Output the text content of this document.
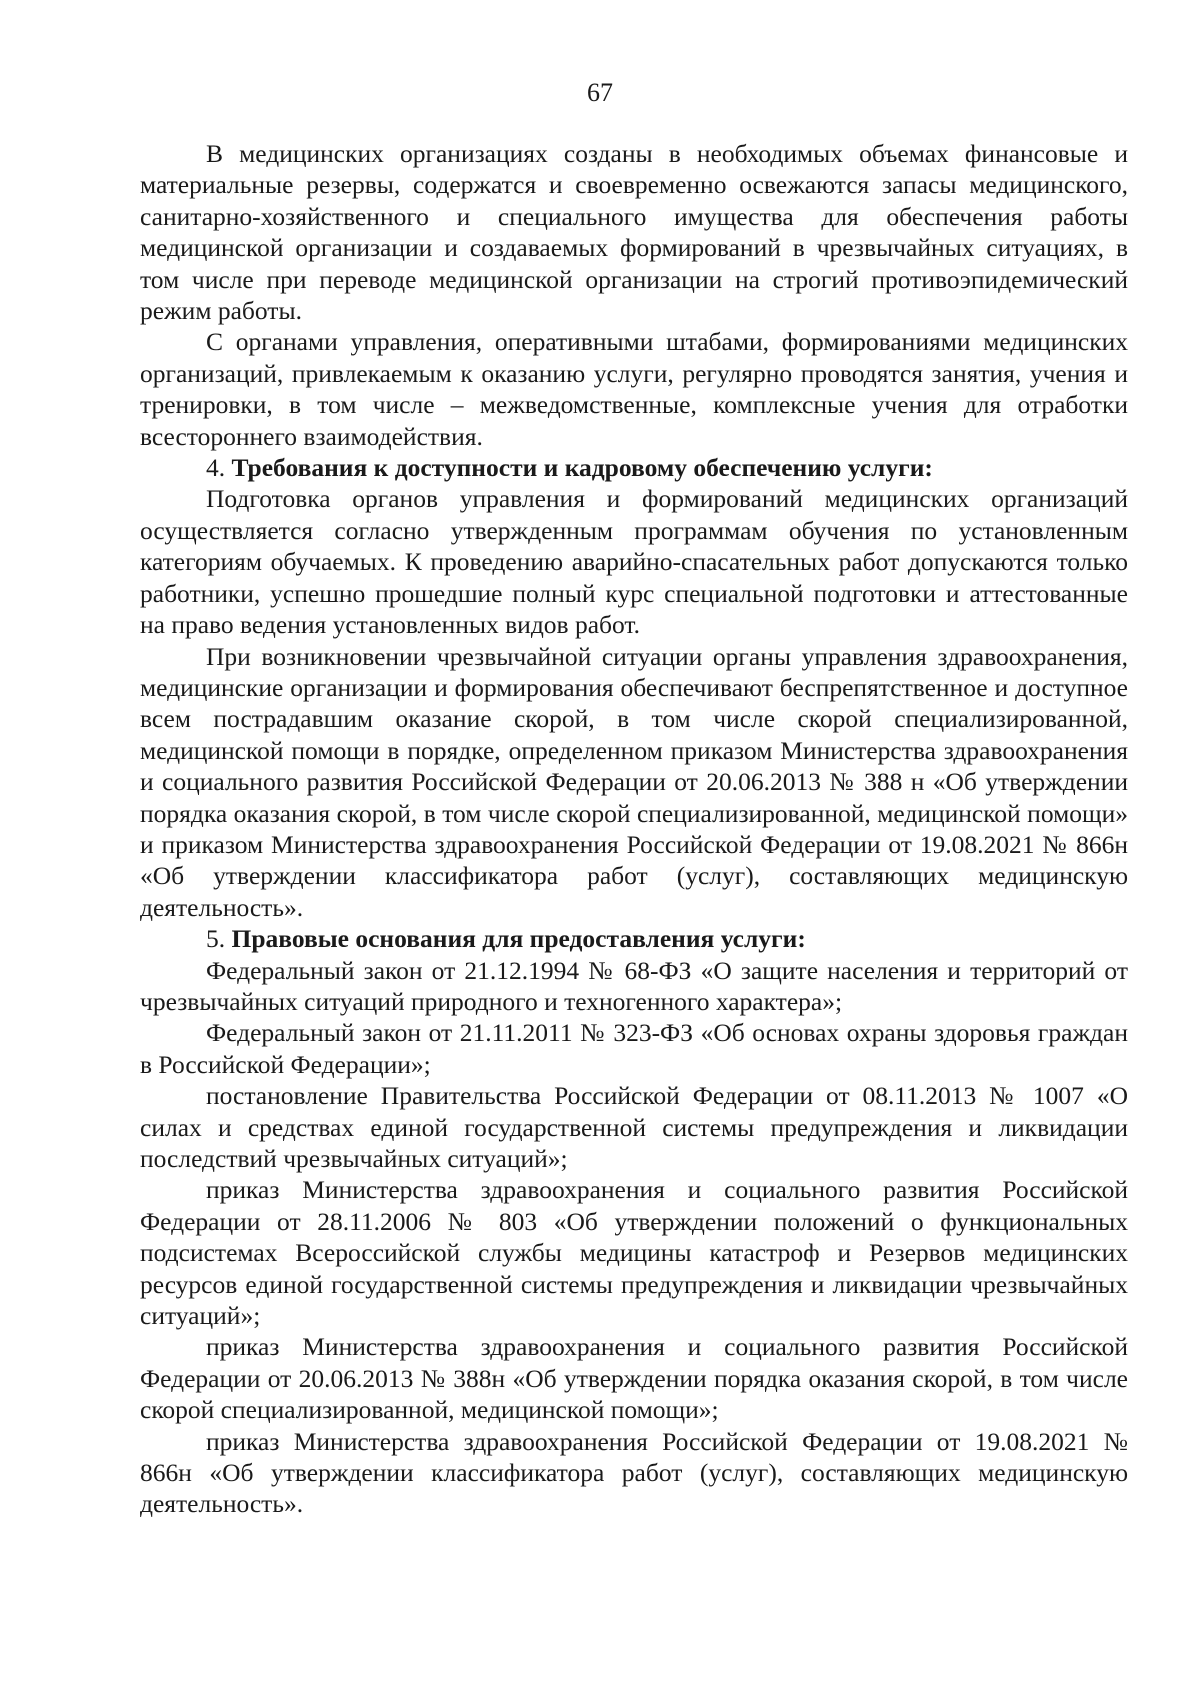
67

В медицинских организациях созданы в необходимых объемах финансовые и материальные резервы, содержатся и своевременно освежаются запасы медицинского, санитарно-хозяйственного и специального имущества для обеспечения работы медицинской организации и создаваемых формирований в чрезвычайных ситуациях, в том числе при переводе медицинской организации на строгий противоэпидемический режим работы.

С органами управления, оперативными штабами, формированиями медицинских организаций, привлекаемым к оказанию услуги, регулярно проводятся занятия, учения и тренировки, в том числе – межведомственные, комплексные учения для отработки всестороннего взаимодействия.

4. Требования к доступности и кадровому обеспечению услуги:

Подготовка органов управления и формирований медицинских организаций осуществляется согласно утвержденным программам обучения по установленным категориям обучаемых. К проведению аварийно-спасательных работ допускаются только работники, успешно прошедшие полный курс специальной подготовки и аттестованные на право ведения установленных видов работ.

При возникновении чрезвычайной ситуации органы управления здравоохранения, медицинские организации и формирования обеспечивают беспрепятственное и доступное всем пострадавшим оказание скорой, в том числе скорой специализированной, медицинской помощи в порядке, определенном приказом Министерства здравоохранения и социального развития Российской Федерации от 20.06.2013 № 388 н «Об утверждении порядка оказания скорой, в том числе скорой специализированной, медицинской помощи» и приказом Министерства здравоохранения Российской Федерации от 19.08.2021 № 866н «Об утверждении классификатора работ (услуг), составляющих медицинскую деятельность».

5. Правовые основания для предоставления услуги:

Федеральный закон от 21.12.1994 № 68-ФЗ «О защите населения и территорий от чрезвычайных ситуаций природного и техногенного характера»;

Федеральный закон от 21.11.2011 № 323-ФЗ «Об основах охраны здоровья граждан в Российской Федерации»;

постановление Правительства Российской Федерации от 08.11.2013 № 1007 «О силах и средствах единой государственной системы предупреждения и ликвидации последствий чрезвычайных ситуаций»;

приказ Министерства здравоохранения и социального развития Российской Федерации от 28.11.2006 № 803 «Об утверждении положений о функциональных подсистемах Всероссийской службы медицины катастроф и Резервов медицинских ресурсов единой государственной системы предупреждения и ликвидации чрезвычайных ситуаций»;

приказ Министерства здравоохранения и социального развития Российской Федерации от 20.06.2013 № 388н «Об утверждении порядка оказания скорой, в том числе скорой специализированной, медицинской помощи»;

приказ Министерства здравоохранения Российской Федерации от 19.08.2021 № 866н «Об утверждении классификатора работ (услуг), составляющих медицинскую деятельность».
